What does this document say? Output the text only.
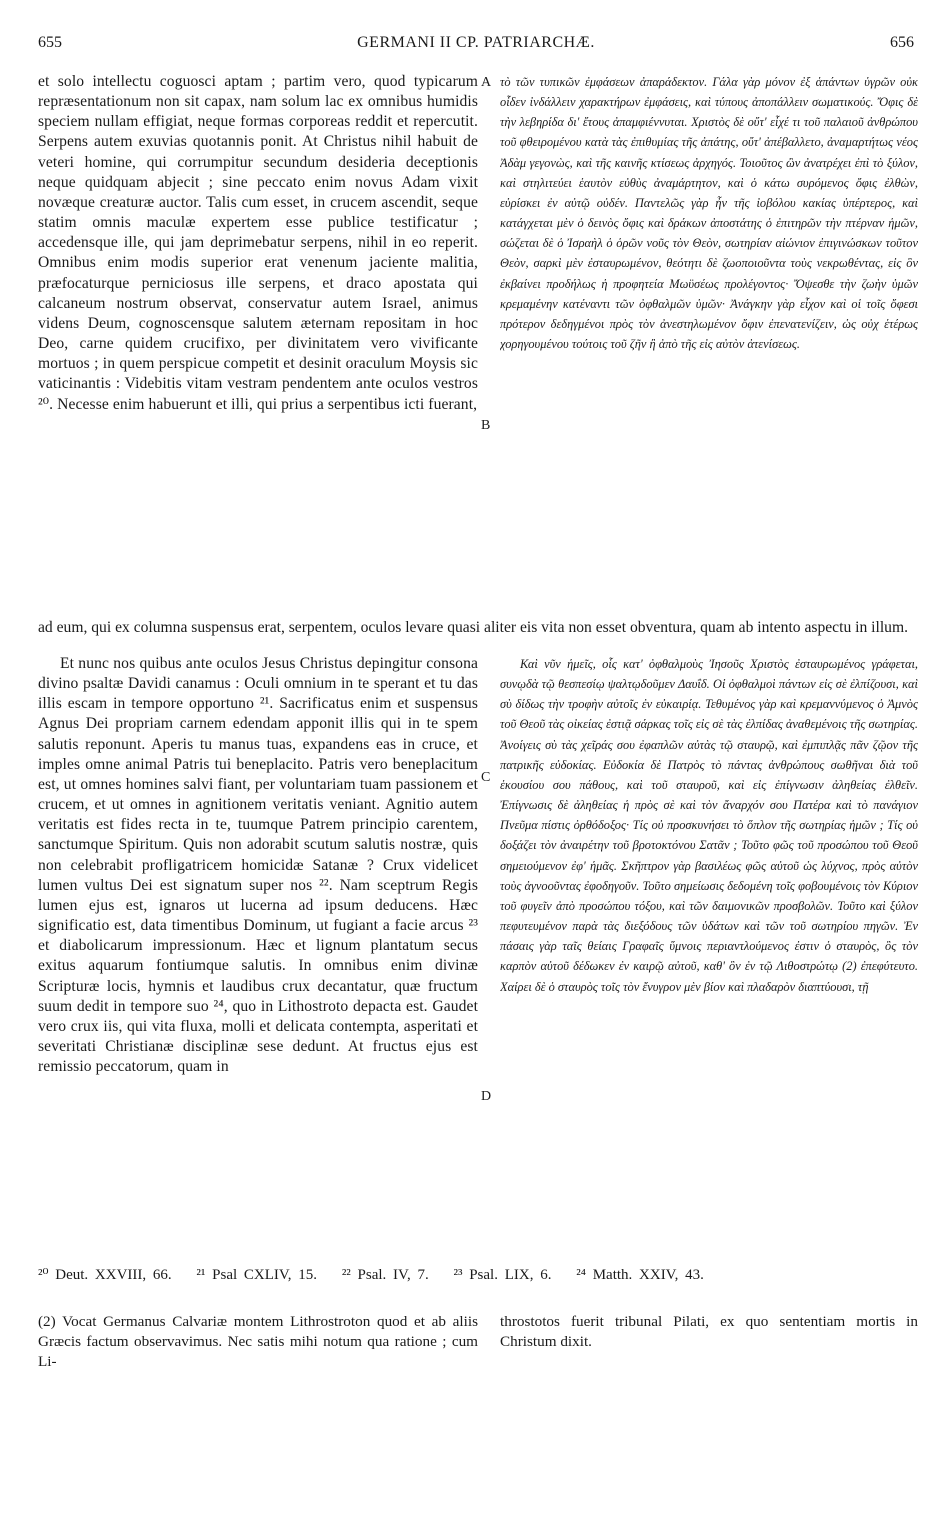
655	GERMANI II CP. PATRIARCHÆ.	656

et solo intellectu coguosci aptam ; partim vero, quod typicarum repræsentationum non sit capax, nam solum lac ex omnibus humidis speciem nullam effigiat, neque formas corporeas reddit et repercutit. Serpens autem exuvias quotannis ponit. At Christus nihil habuit de veteri homine, qui corrumpitur secundum desideria deceptionis neque quidquam abjecit ; sine peccato enim novus Adam vixit novæque creaturæ auctor. Talis cum esset, in crucem ascendit, seque statim omnis maculæ expertem esse publice testificatur ; accedensque ille, qui jam deprimebatur serpens, nihil in eo reperit. Omnibus enim modis superior erat venenum jaciente malitia, præfocaturque perniciosus ille serpens, et draco apostata qui calcaneum nostrum observat, conservatur autem Israel, animus videns Deum, cognoscensque salutem æternam repositam in hoc Deo, carne quidem crucifixo, per divinitatem vero vivificante mortuos ; in quem perspicue competit et desinit oraculum Moysis sic vaticinantis : Videbitis vitam vestram pendentem ante oculos vestros ²⁰. Necesse enim habuerunt et illi, qui prius a serpentibus icti fuerant,

τὸ τῶν τυπικῶν ἐμφάσεων ἀπαράδεκτον. Γάλα γὰρ μόνον ἐξ ἁπάντων ὑγρῶν οὐκ οἶδεν ἰνδάλλειν χαρακτήρων ἐμφάσεις, καὶ τύπους ἀποπάλλειν σωματικούς. Ὄφις δὲ τὴν λεβηρίδα δι' ἔτους ἀπαμφιέννυται. Χριστὸς δὲ οὔτ' εἶχέ τι τοῦ παλαιοῦ ἀνθρώπου τοῦ φθειρομένου κατὰ τὰς ἐπιθυμίας τῆς ἀπάτης, οὔτ' ἀπέβαλλετο, ἀναμαρτήτως νέος Ἀδὰμ γεγονὼς, καὶ τῆς καινῆς κτίσεως ἀρχηγός. Τοιοῦτος ὢν ἀνατρέχει ἐπὶ τὸ ξύλον, καὶ στηλιτεύει ἑαυτὸν εὐθὺς ἀναμάρτητον, καὶ ὁ κάτω συρόμενος ὄφις ἐλθὼν, εὑρίσκει ἐν αὐτῷ οὐδέν. Παντελῶς γὰρ ἦν τῆς ἰοβόλου κακίας ὑπέρτερος, καὶ κατάγχεται μὲν ὁ δεινὸς ὄφις καὶ δράκων ἀποστάτης ὁ ἐπιτηρῶν τὴν πτέρναν ἡμῶν, σώζεται δὲ ὁ Ἰσραὴλ ὁ ὁρῶν νοῦς τὸν Θεὸν, σωτηρίαν αἰώνιον ἐπιγινώσκων τοῦτον Θεὸν, σαρκὶ μὲν ἐσταυρωμένον, θεότητι δὲ ζωοποιοῦντα τοὺς νεκρωθέντας, εἰς ὃν ἐκβαίνει προδήλως ἡ προφητεία Μωϋσέως προλέγοντος· Ὄψεσθε τὴν ζωὴν ὑμῶν κρεμαμένην κατέναντι τῶν ὀφθαλμῶν ὑμῶν· Ἀνάγκην γὰρ εἶχον καὶ οἱ τοῖς ὄφεσι πρότερον δεδηγμένοι πρὸς τὸν ἀνεστηλωμένον ὄφιν ἐπενατενίζειν, ὡς οὐχ ἑτέρως χορηγουμένου τούτοις τοῦ ζῆν ἢ ἀπὸ τῆς εἰς αὐτὸν ἀτενίσεως.

A
B
C
D
ad eum, qui ex columna suspensus erat, serpentem, oculos levare quasi aliter eis vita non esset obventura, quam ab intento aspectu in illum.

Et nunc nos quibus ante oculos Jesus Christus depingitur consona divino psaltæ Davidi canamus : Oculi omnium in te sperant et tu das illis escam in tempore opportuno ²¹. Sacrificatus enim et suspensus Agnus Dei propriam carnem edendam apponit illis qui in te spem salutis reponunt. Aperis tu manus tuas, expandens eas in cruce, et imples omne animal Patris tui beneplacito. Patris vero beneplacitum est, ut omnes homines salvi fiant, per voluntariam tuam passionem et crucem, et ut omnes in agnitionem veritatis veniant. Agnitio autem veritatis est fides recta in te, tuumque Patrem principio carentem, sanctumque Spiritum. Quis non adorabit scutum salutis nostræ, quis non celebrabit profligatricem homicidæ Satanæ ? Crux videlicet lumen vultus Dei est signatum super nos ²². Nam sceptrum Regis lumen ejus est, ignaros ut lucerna ad ipsum deducens. Hæc significatio est, data timentibus Dominum, ut fugiant a facie arcus ²³ et diabolicarum impressionum. Hæc et lignum plantatum secus exitus aquarum fontiumque salutis. In omnibus enim divinæ Scripturæ locis, hymnis et laudibus crux decantatur, quæ fructum suum dedit in tempore suo ²⁴, quo in Lithostroto depacta est. Gaudet vero crux iis, qui vita fluxa, molli et delicata contempta, asperitati et severitati Christianæ disciplinæ sese dedunt. At fructus ejus est remissio peccatorum, quam in

Καὶ νῦν ἡμεῖς, οἷς κατ' ὀφθαλμοὺς Ἰησοῦς Χριστὸς ἐσταυρωμένος γράφεται, συνῳδὰ τῷ θεσπεσίῳ ψαλτῳδοῦμεν Δαυΐδ. Οἱ ὀφθαλμοὶ πάντων εἰς σὲ ἐλπίζουσι, καὶ σὺ δίδως τὴν τροφὴν αὐτοῖς ἐν εὐκαιρίᾳ. Τεθυμένος γὰρ καὶ κρεμαννύμενος ὁ Ἀμνὸς τοῦ Θεοῦ τὰς οἰκείας ἐστιᾷ σάρκας τοῖς εἰς σὲ τὰς ἐλπίδας ἀναθεμένοις τῆς σωτηρίας. Ἀνοίγεις σὺ τὰς χεῖράς σου ἐφαπλῶν αὐτὰς τῷ σταυρῷ, καὶ ἐμπιπλᾷς πᾶν ζῷον τῆς πατρικῆς εὐδοκίας. Εὐδοκία δὲ Πατρὸς τὸ πάντας ἀνθρώπους σωθῆναι διὰ τοῦ ἑκουσίου σου πάθους, καὶ τοῦ σταυροῦ, καὶ εἰς ἐπίγνωσιν ἀληθείας ἐλθεῖν. Ἐπίγνωσις δὲ ἀληθείας ἡ πρὸς σὲ καὶ τὸν ἄναρχόν σου Πατέρα καὶ τὸ πανάγιον Πνεῦμα πίστις ὀρθόδοξος· Τίς οὐ προσκυνήσει τὸ ὅπλον τῆς σωτηρίας ἡμῶν ; Τίς οὐ δοξάζει τὸν ἀναιρέτην τοῦ βροτοκτόνου Σατᾶν ; Τοῦτο φῶς τοῦ προσώπου τοῦ Θεοῦ σημειούμενον ἐφ' ἡμᾶς. Σκῆπτρον γὰρ βασιλέως φῶς αὐτοῦ ὡς λύχνος, πρὸς αὐτὸν τοὺς ἀγνοοῦντας ἐφοδηγοῦν. Τοῦτο σημείωσις δεδομένη τοῖς φοβουμένοις τὸν Κύριον τοῦ φυγεῖν ἀπὸ προσώπου τόξου, καὶ τῶν δαιμονικῶν προσβολῶν. Τοῦτο καὶ ξύλον πεφυτευμένον παρὰ τὰς διεξόδους τῶν ὑδάτων καὶ τῶν τοῦ σωτηρίου πηγῶν. Ἐν πάσαις γὰρ ταῖς θείαις Γραφαῖς ὕμνοις περιαντλούμενος ἐστιν ὁ σταυρὸς, ὃς τὸν καρπὸν αὐτοῦ δέδωκεν ἐν καιρῷ αὐτοῦ, καθ' ὃν ἐν τῷ Λιθοστρώτῳ (2) ἐπεφύτευτο. Χαίρει δὲ ὁ σταυρὸς τοῖς τὸν ἔνυγρον μὲν βίον καὶ πλαδαρὸν διαπτύουσι, τῇ

²⁰ Deut. XXVIII, 66. ²¹ Psal CXLIV, 15. ²² Psal. IV, 7. ²³ Psal. LIX, 6. ²⁴ Matth. XXIV, 43.
(2) Vocat Germanus Calvariæ montem Lithrostroton quod et ab aliis Græcis factum observavimus. Nec satis mihi notum qua ratione ; cum Li-
throstotos fuerit tribunal Pilati, ex quo sententiam mortis in Christum dixit.
